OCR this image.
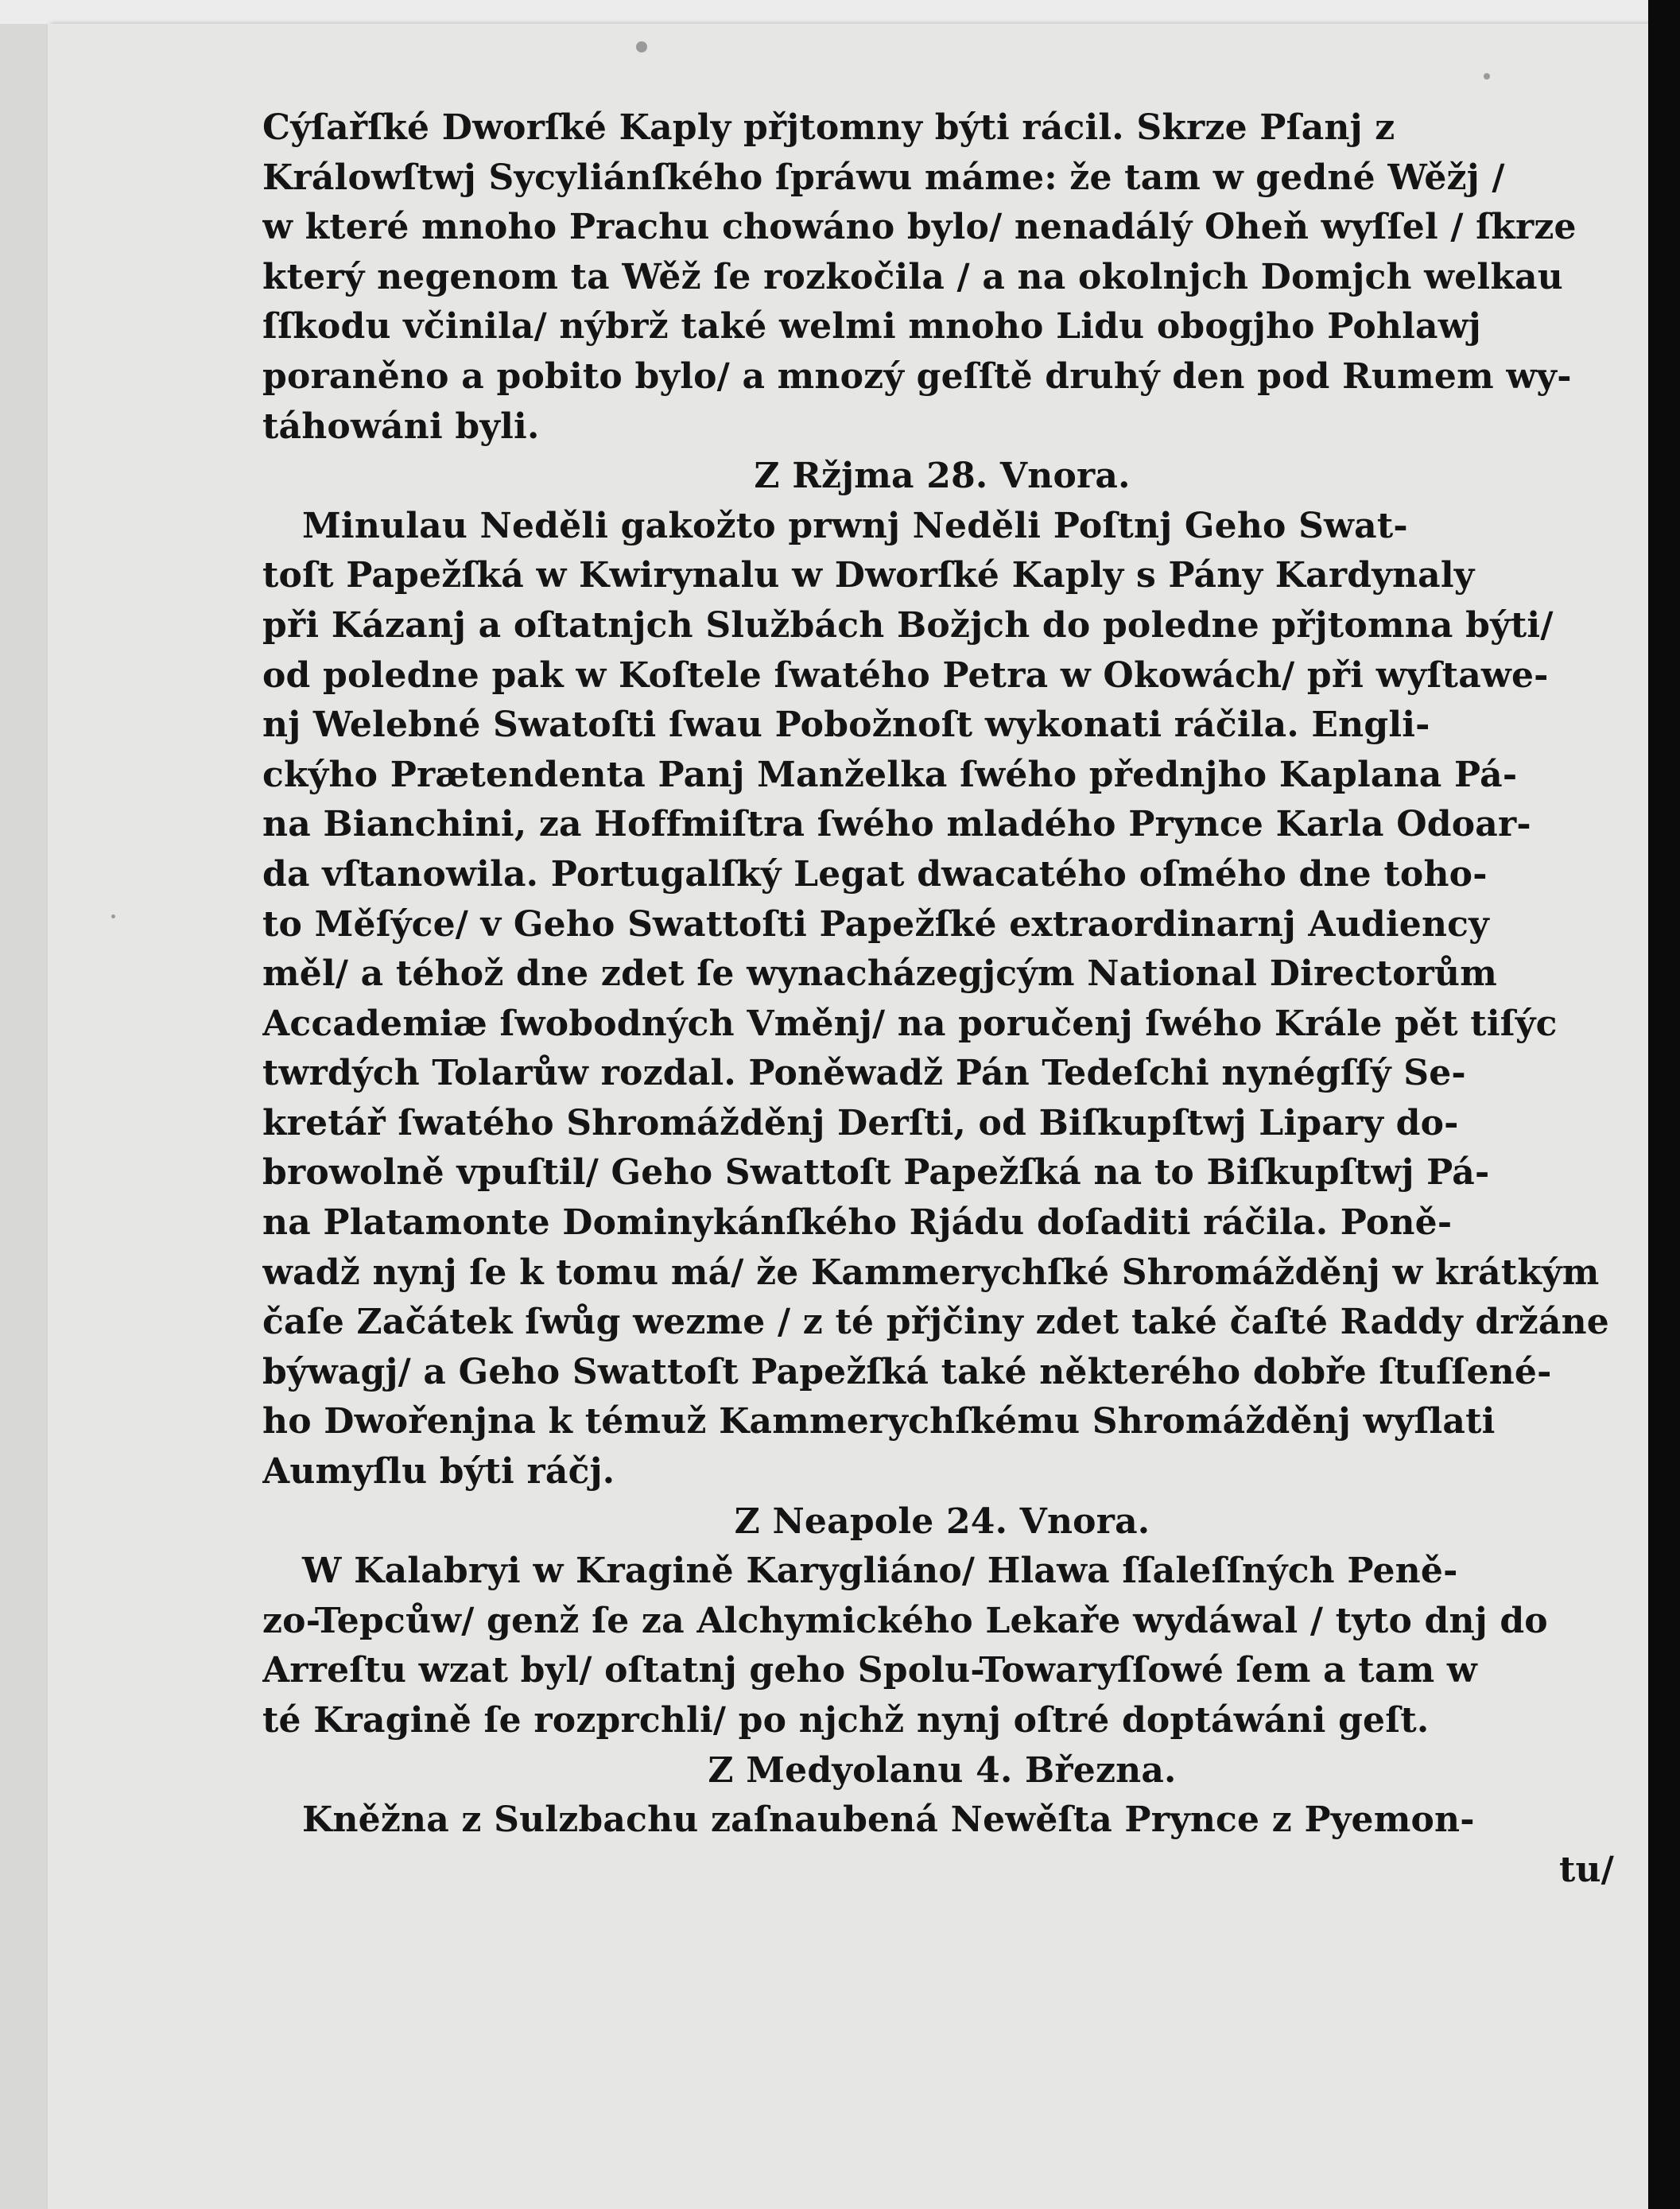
Cýſařſké Dworſké Kaply přjtomny býti rácil. Skrze Pſanj z
Králowſtwj Sycyliánſkého ſpráwu máme: že tam w gedné Wěžj /
w které mnoho Prachu chowáno bylo/ nenadálý Oheň wyſſel / ſkrze
který negenom ta Wěž ſe rozkočila / a na okolnjch Domjch welkau
ſſkodu včinila/ nýbrž také welmi mnoho Lidu obogjho Pohlawj
poraněno a pobito bylo/ a mnozý geſſtě druhý den pod Rumem wy-
táhowáni byli.
Z Ržjma 28. Vnora.
Minulau Neděli gakožto prwnj Neděli Poſtnj Geho Swat-
toſt Papežſká w Kwirynalu w Dworſké Kaply s Pány Kardynaly
při Kázanj a oſtatnjch Službách Božjch do poledne přjtomna býti/
od poledne pak w Koſtele ſwatého Petra w Okowách/ při wyſtawe-
nj Welebné Swatoſti ſwau Pobožnoſt wykonati ráčila. Engli-
ckýho Prætendenta Panj Manželka ſwého přednjho Kaplana Pá-
na Bianchini, za Hoffmiſtra ſwého mladého Prynce Karla Odoar-
da vſtanowila. Portugalſký Legat dwacatého oſmého dne toho-
to Měſýce/ v Geho Swattoſti Papežſké extraordinarnj Audiency
měl/ a téhož dne zdet ſe wynacházegjcým National Directorům
Accademiæ ſwobodných Vměnj/ na poručenj ſwého Krále pět tiſýc
twrdých Tolarůw rozdal. Poněwadž Pán Tedeſchi nynégſſý Se-
kretář ſwatého Shromážděnj Derſti, od Biſkupſtwj Lipary do-
browolně vpuſtil/ Geho Swattoſt Papežſká na to Biſkupſtwj Pá-
na Platamonte Dominykánſkého Rjádu doſaditi ráčila. Poně-
wadž nynj ſe k tomu má/ že Kammerychſké Shromážděnj w krátkým
čaſe Začátek ſwůg wezme / z té přjčiny zdet také čaſté Raddy držáne
býwagj/ a Geho Swattoſt Papežſká také některého dobře ſtuſſené-
ho Dwořenjna k témuž Kammerychſkému Shromážděnj wyſlati
Aumyſlu býti ráčj.
Z Neapole 24. Vnora.
W Kalabryi w Kragině Karygliáno/ Hlawa ſſaleſſných Peně-
zo-Tepcůw/ genž ſe za Alchymického Lekaře wydáwal / tyto dnj do
Arreſtu wzat byl/ oſtatnj geho Spolu-Towaryſſowé ſem a tam w
té Kragině ſe rozprchli/ po njchž nynj oſtré doptáwáni geſt.
Z Medyolanu 4. Března.
Kněžna z Sulzbachu zaſnaubená Newěſta Prynce z Pyemon-
tu/
